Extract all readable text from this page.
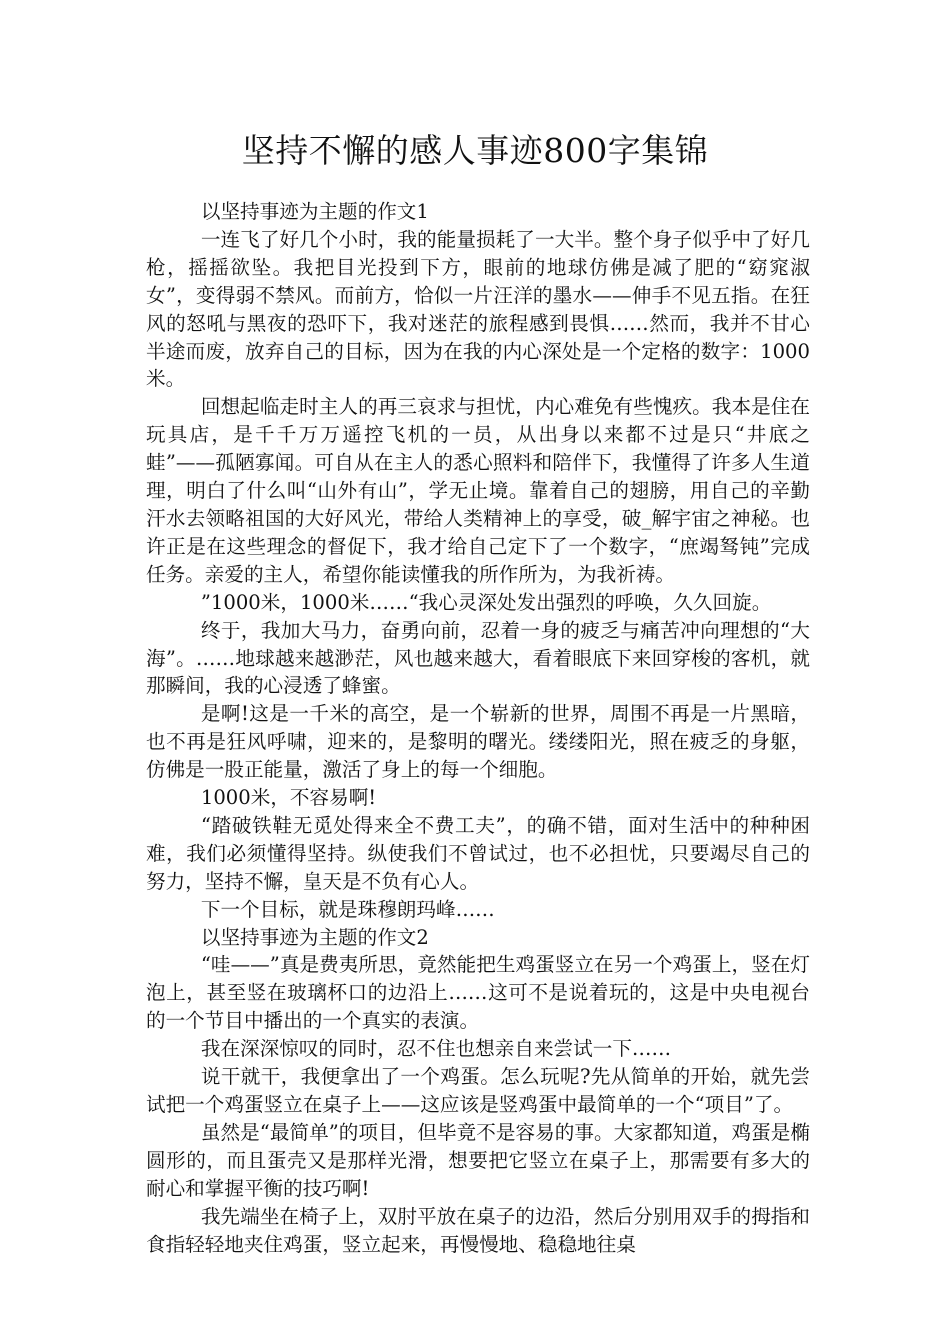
坚持不懈的感人事迹800字集锦

以坚持事迹为主题的作文1

一连飞了好几个小时，我的能量损耗了一大半。整个身子似乎中了好几枪，摇摇欲坠。我把目光投到下方，眼前的地球仿佛是减了肥的“窈窕淑女”，变得弱不禁风。而前方，恰似一片汪洋的墨水——伸手不见五指。在狂风的怒吼与黑夜的恐吓下，我对迷茫的旅程感到畏惧……然而，我并不甘心半途而废，放弃自己的目标，因为在我的内心深处是一个定格的数字：1000米。

回想起临走时主人的再三哀求与担忧，内心难免有些愧疚。我本是住在玩具店，是千千万万遥控飞机的一员，从出身以来都不过是只“井底之蛙”——孤陋寡闻。可自从在主人的悉心照料和陪伴下，我懂得了许多人生道理，明白了什么叫“山外有山”，学无止境。靠着自己的翅膀，用自己的辛勤汗水去领略祖国的大好风光，带给人类精神上的享受，破_解宇宙之神秘。也许正是在这些理念的督促下，我才给自己定下了一个数字，“庶竭驽钝”完成任务。亲爱的主人，希望你能读懂我的所作所为，为我祈祷。

”1000米，1000米……“我心灵深处发出强烈的呼唤，久久回旋。

终于，我加大马力，奋勇向前，忍着一身的疲乏与痛苦冲向理想的“大海”。……地球越来越渺茫，风也越来越大，看着眼底下来回穿梭的客机，就那瞬间，我的心浸透了蜂蜜。

是啊!这是一千米的高空，是一个崭新的世界，周围不再是一片黑暗，也不再是狂风呼啸，迎来的，是黎明的曙光。缕缕阳光，照在疲乏的身躯，仿佛是一股正能量，激活了身上的每一个细胞。

1000米，不容易啊!

“踏破铁鞋无觅处得来全不费工夫”，的确不错，面对生活中的种种困难，我们必须懂得坚持。纵使我们不曾试过，也不必担忧，只要竭尽自己的努力，坚持不懈，皇天是不负有心人。

下一个目标，就是珠穆朗玛峰……

以坚持事迹为主题的作文2

“哇——”真是费夷所思，竟然能把生鸡蛋竖立在另一个鸡蛋上，竖在灯泡上，甚至竖在玻璃杯口的边沿上……这可不是说着玩的，这是中央电视台的一个节目中播出的一个真实的表演。

我在深深惊叹的同时，忍不住也想亲自来尝试一下……

说干就干，我便拿出了一个鸡蛋。怎么玩呢?先从简单的开始，就先尝试把一个鸡蛋竖立在桌子上——这应该是竖鸡蛋中最简单的一个“项目”了。

虽然是“最简单”的项目，但毕竟不是容易的事。大家都知道，鸡蛋是椭圆形的，而且蛋壳又是那样光滑，想要把它竖立在桌子上，那需要有多大的耐心和掌握平衡的技巧啊!

我先端坐在椅子上，双肘平放在桌子的边沿，然后分别用双手的拇指和食指轻轻地夹住鸡蛋，竖立起来，再慢慢地、稳稳地往桌
